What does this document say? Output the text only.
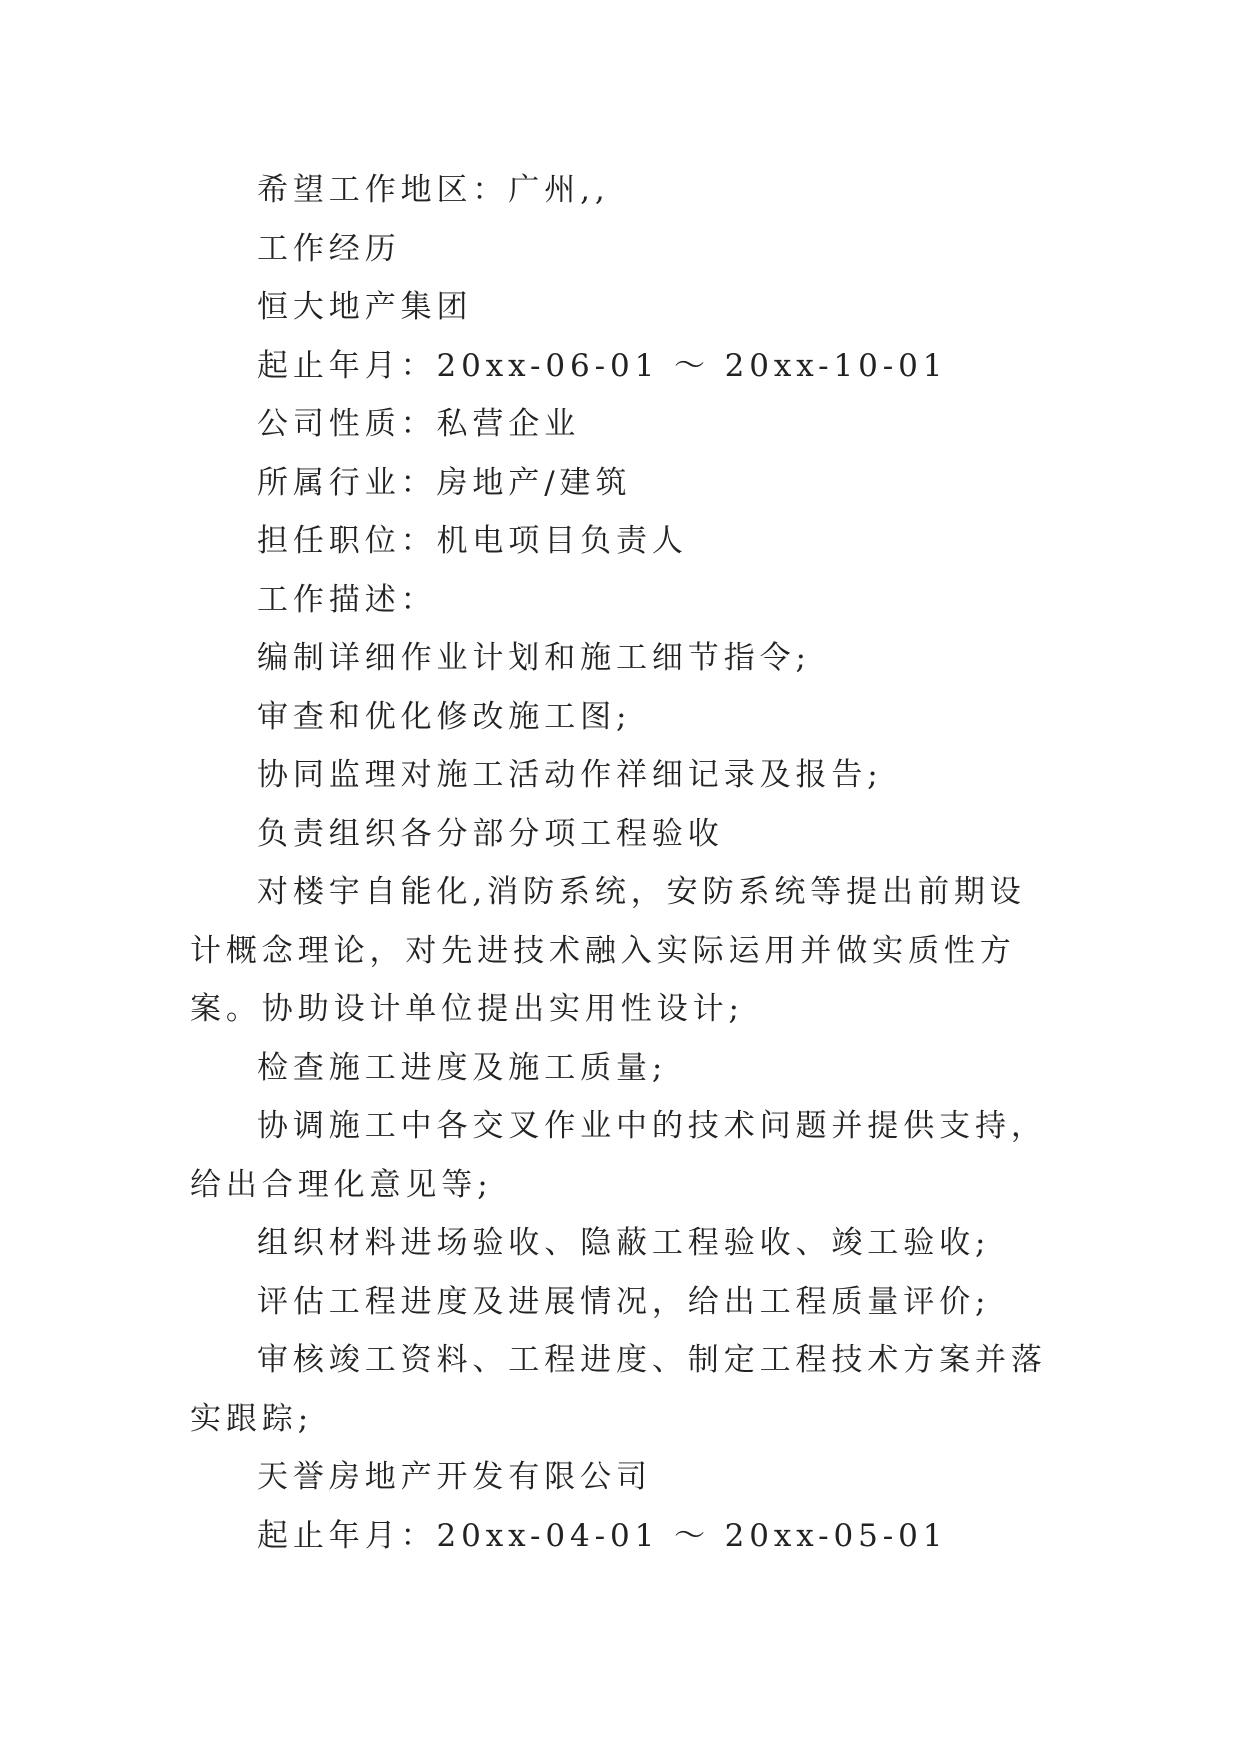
希望工作地区：广州,,

工作经历

恒大地产集团

起止年月：20xx-06-01 ～ 20xx-10-01

公司性质：私营企业

所属行业：房地产/建筑

担任职位：机电项目负责人

工作描述：

编制详细作业计划和施工细节指令;

审查和优化修改施工图;

协同监理对施工活动作祥细记录及报告;

负责组织各分部分项工程验收

对楼宇自能化,消防系统，安防系统等提出前期设计概念理论，对先进技术融入实际运用并做实质性方案。协助设计单位提出实用性设计;

检查施工进度及施工质量;

协调施工中各交叉作业中的技术问题并提供支持，给出合理化意见等;

组织材料进场验收、隐蔽工程验收、竣工验收;

评估工程进度及进展情况，给出工程质量评价;

审核竣工资料、工程进度、制定工程技术方案并落实跟踪;

天誉房地产开发有限公司

起止年月：20xx-04-01 ～ 20xx-05-01
